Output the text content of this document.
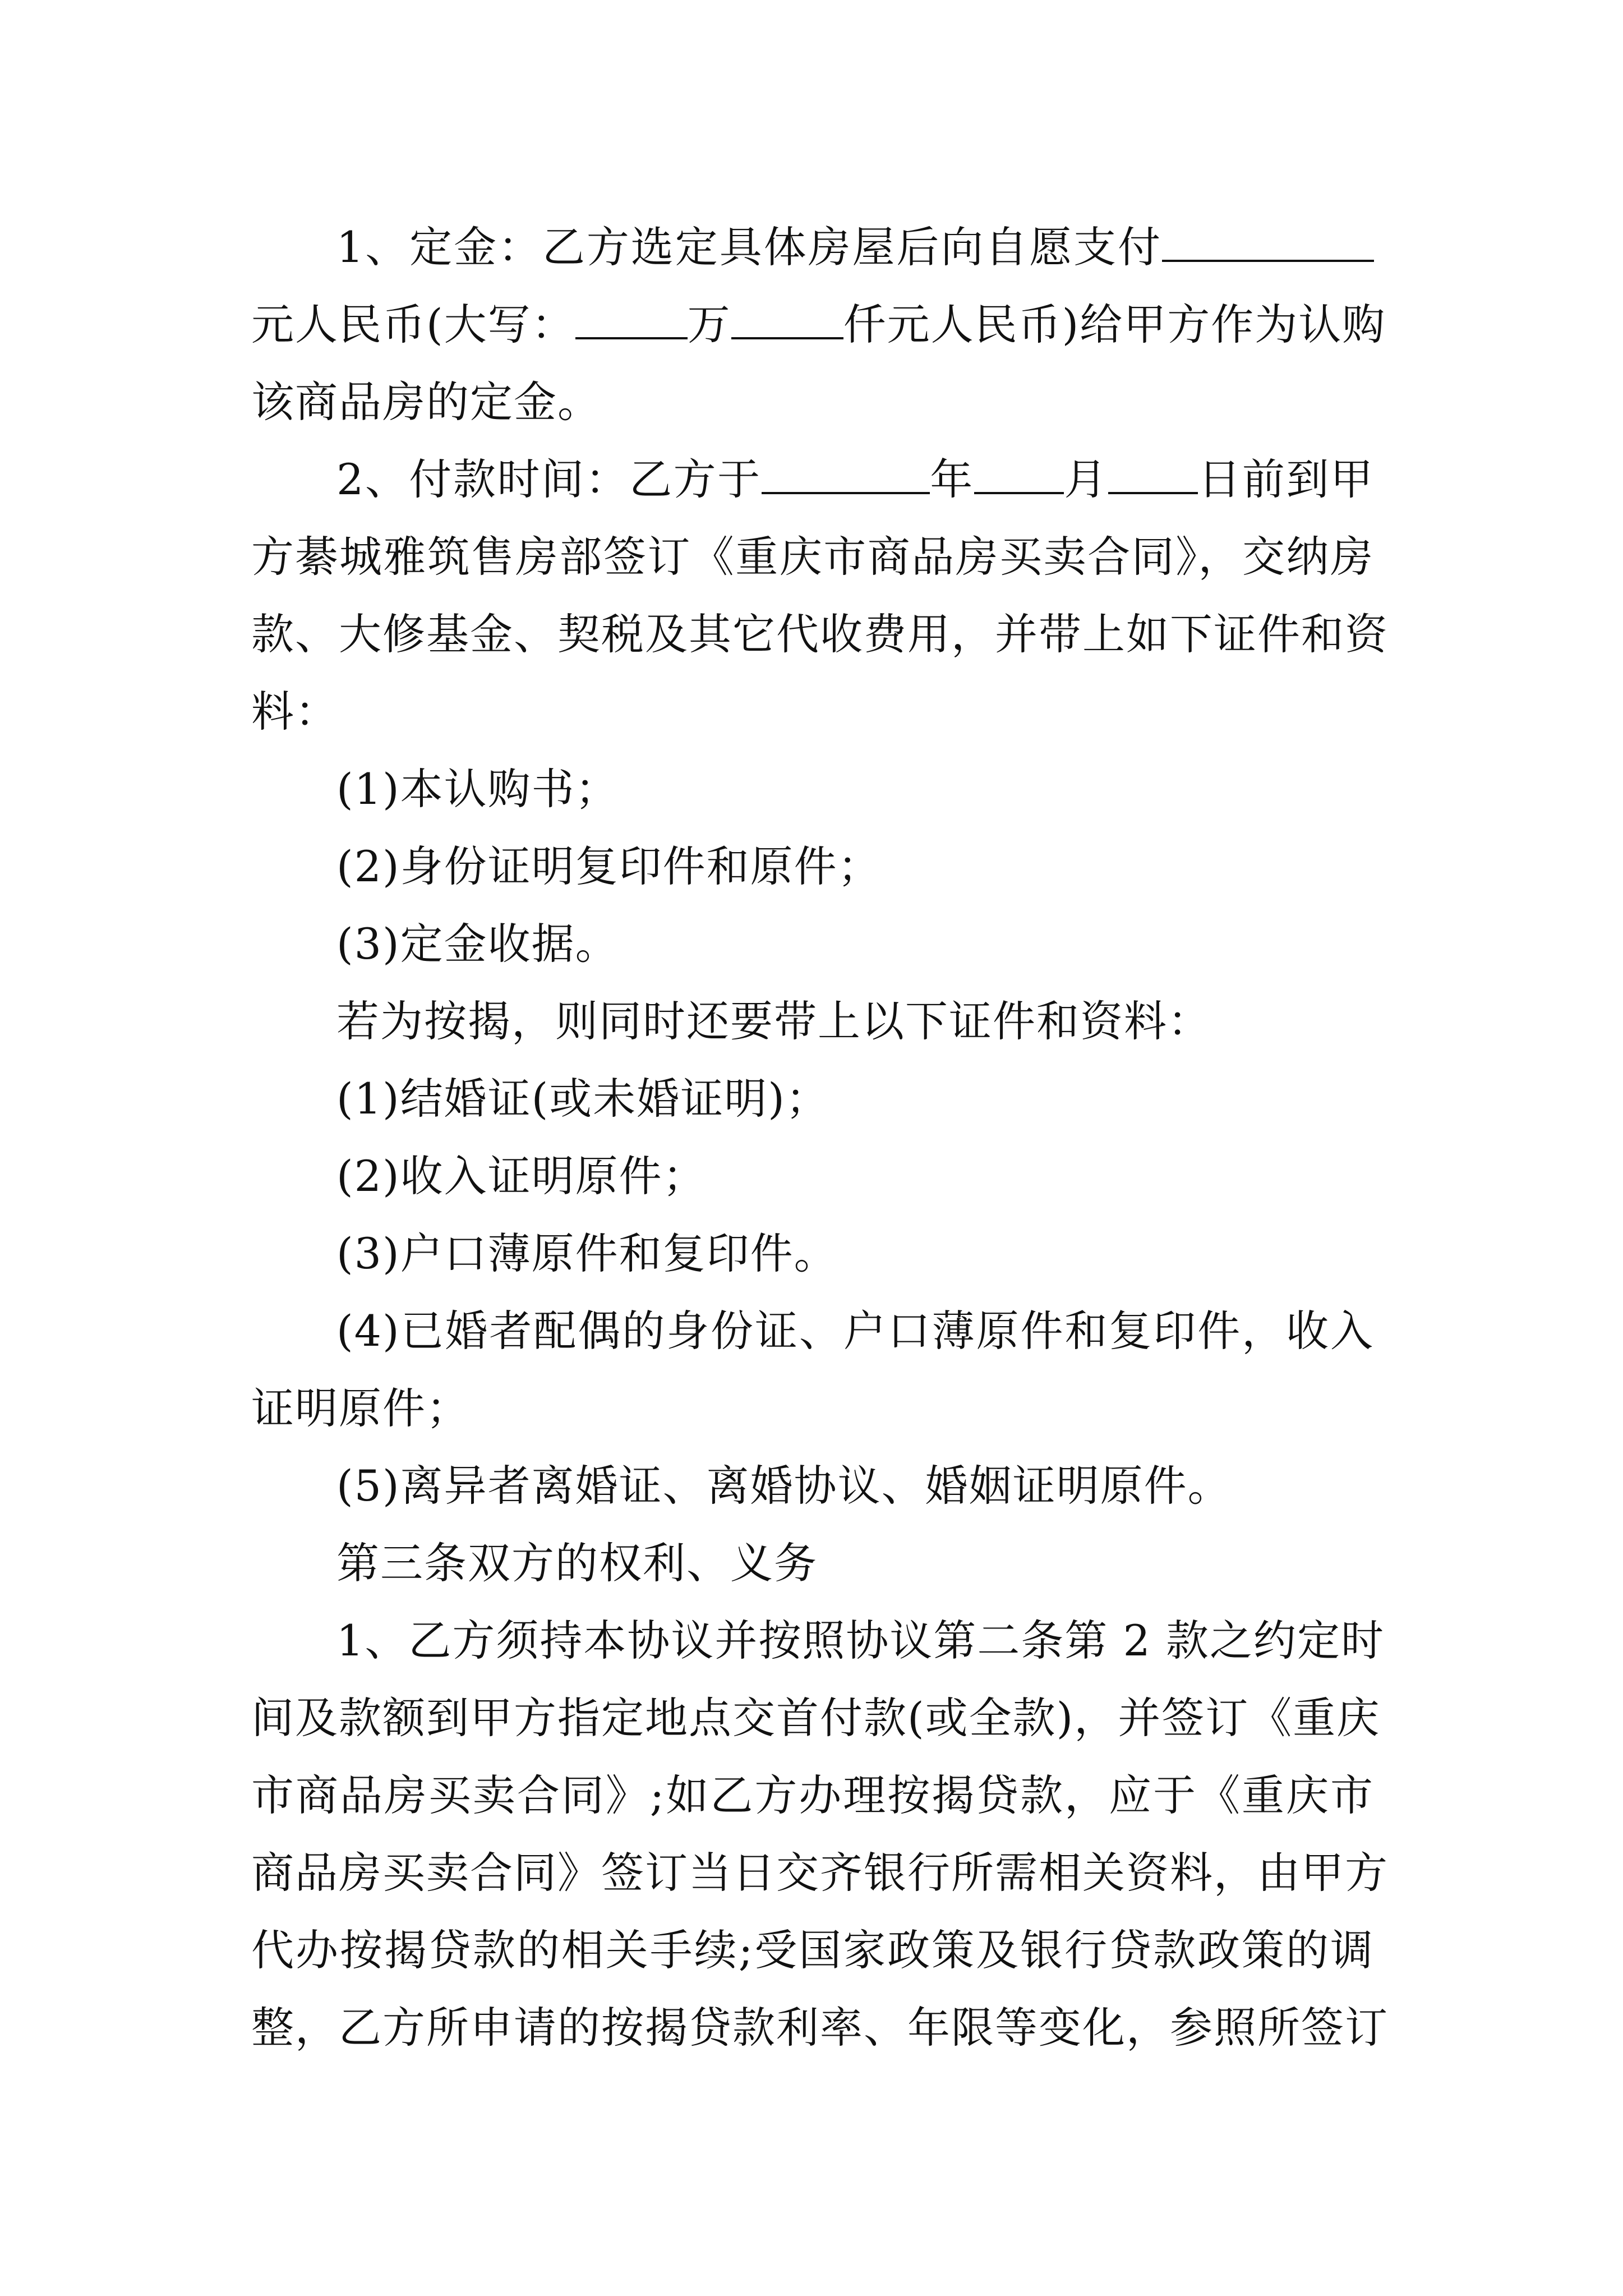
1、定金：乙方选定具体房屋后向自愿支付
元人民币(大写：	万	仟元人民币)给甲方作为认购
该商品房的定金。
2、付款时间：乙方于	年 月 日前到甲
方綦城雅筑售房部签订《重庆市商品房买卖合同》，交纳房
款、大修基金、契税及其它代收费用，并带上如下证件和资
料：
(1)本认购书；
(2)身份证明复印件和原件；
(3)定金收据。
若为按揭，则同时还要带上以下证件和资料：
(1)结婚证(或未婚证明)；
(2)收入证明原件；
(3)户口薄原件和复印件。
(4)已婚者配偶的身份证、户口薄原件和复印件，收入
证明原件；
(5)离异者离婚证、离婚协议、婚姻证明原件。
第三条双方的权利、义务
1、乙方须持本协议并按照协议第二条第 2 款之约定时
间及款额到甲方指定地点交首付款(或全款)，并签订《重庆
市商品房买卖合同》;如乙方办理按揭贷款，应于《重庆市
商品房买卖合同》签订当日交齐银行所需相关资料，由甲方
代办按揭贷款的相关手续;受国家政策及银行贷款政策的调
整，乙方所申请的按揭贷款利率、年限等变化，参照所签订
